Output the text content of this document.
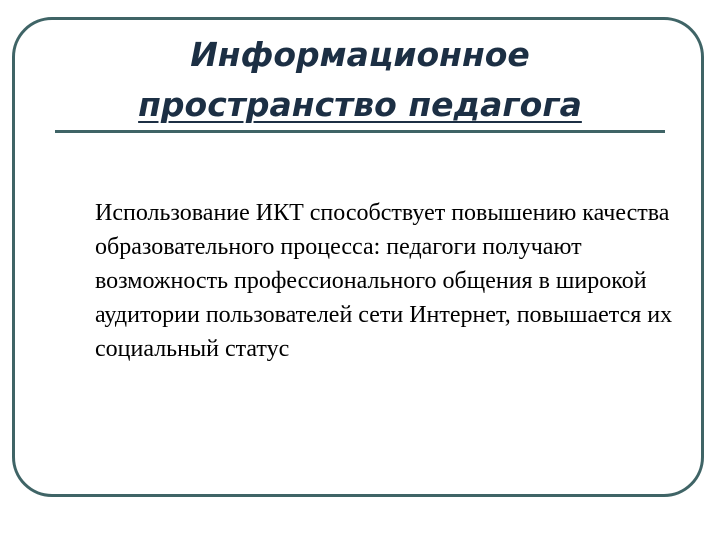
Информационное
пространство педагога

Использование ИКТ способствует повышению качества образовательного процесса: педагоги получают возможность профессионального общения в широкой аудитории пользователей сети Интернет, повышается их социальный статус
